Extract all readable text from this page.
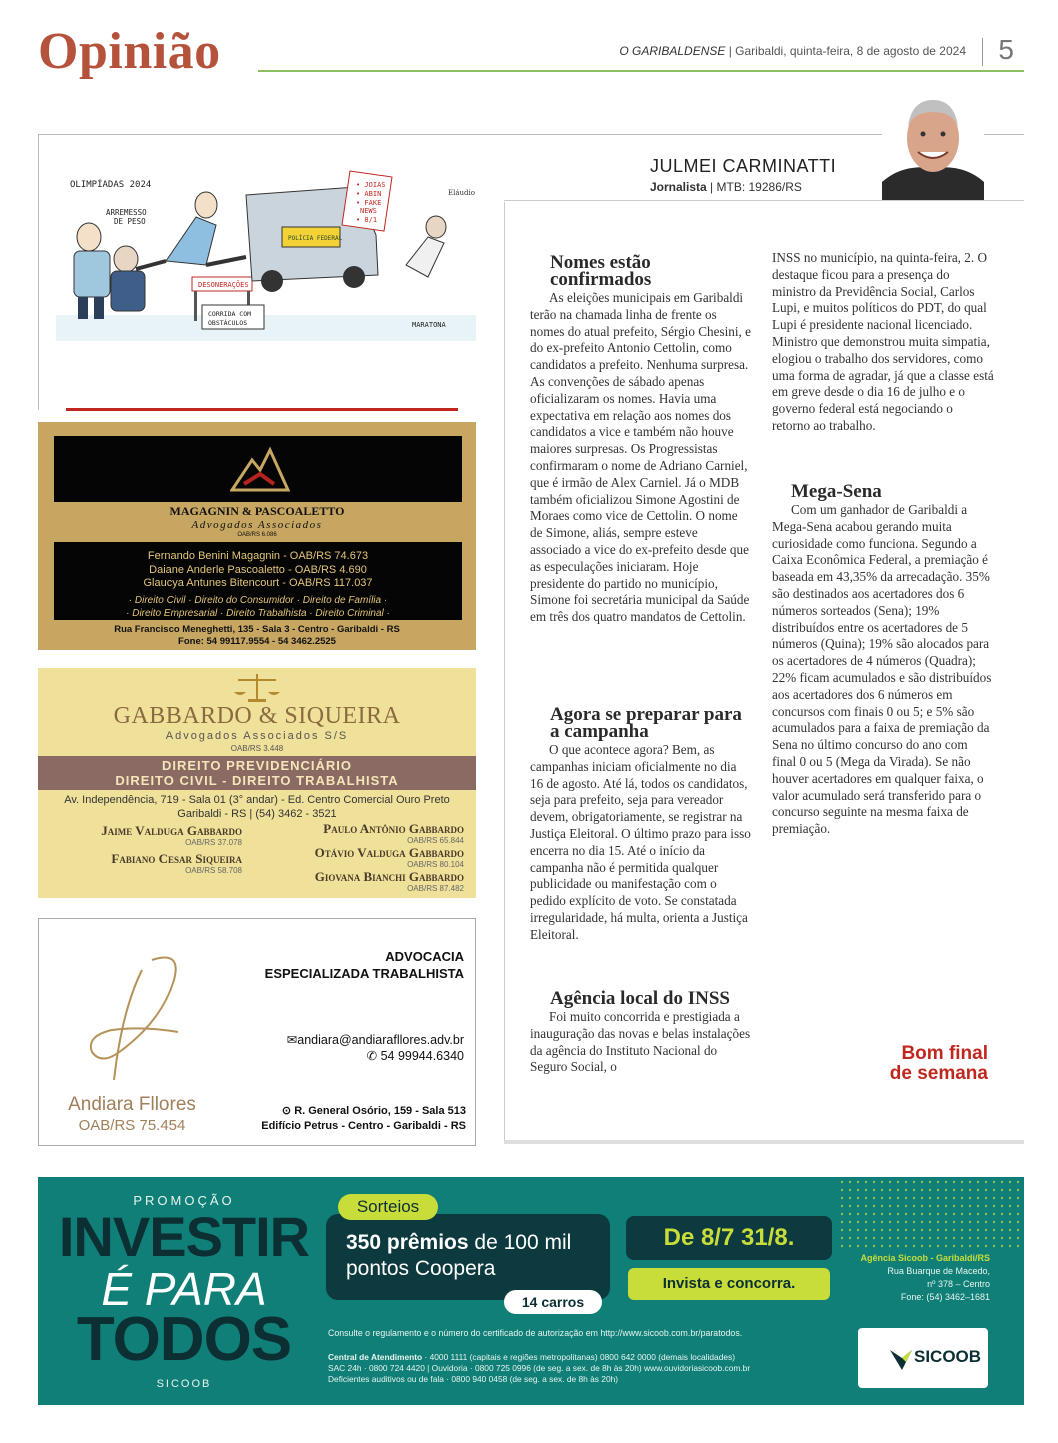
Opinião	O GARIBALDENSE | Garibaldi, quinta-feira, 8 de agosto de 2024 5
OLIMPÍADAS 2024
ARREMESSO
DE PESO
DESONERAÇÕES
CORRIDA COM
OBSTÁCULOS
POLÍCIA FEDERAL
• JOIAS
• ABIN
• FAKE
NEWS
• 8/1
Eláudio
MARATONA
MAGAGNIN & PASCOALETTO
Advogados Associados
OAB/RS 6.086
Fernando Benini Magagnin - OAB/RS 74.673
Daiane Anderle Pascoaletto - OAB/RS 4.690
Glaucya Antunes Bitencourt - OAB/RS 117.037
· Direito Civil · Direito do Consumidor · Direito de Família ·
· Direito Empresarial · Direito Trabalhista · Direito Criminal ·
Rua Francisco Meneghetti, 135 - Sala 3 - Centro - Garibaldi - RS
Fone: 54 99117.9554 - 54 3462.2525
GABBARDO & SIQUEIRA
Advogados Associados S/S
OAB/RS 3.448
DIREITO PREVIDENCIÁRIO
DIREITO CIVIL - DIREITO TRABALHISTA
Av. Independência, 719 - Sala 01 (3° andar) - Ed. Centro Comercial Ouro Preto
Garibaldi - RS | (54) 3462 - 3521
Jaime Valduga Gabbardo
OAB/RS 37.078
Fabiano Cesar Siqueira
OAB/RS 58.708
Paulo Antônio Gabbardo
OAB/RS 65.844
Otávio Valduga Gabbardo
OAB/RS 80.104
Giovana Bianchi Gabbardo
OAB/RS 87.482
Andiara Fllores
OAB/RS 75.454
ADVOCACIA
ESPECIALIZADA TRABALHISTA
✉andiara@andiarafllores.adv.br
✆ 54 99944.6340
⊙ R. General Osório, 159 - Sala 513
Edifício Petrus - Centro - Garibaldi - RS
JULMEI CARMINATTI
Jornalista | MTB: 19286/RS
Nomes estão confirmados
As eleições municipais em Garibaldi terão na chamada linha de frente os nomes do atual prefeito, Sérgio Chesini, e do ex-prefeito Antonio Cettolin, como candidatos a prefeito. Nenhuma surpresa. As convenções de sábado apenas oficializaram os nomes. Havia uma expectativa em relação aos nomes dos candidatos a vice e também não houve maiores surpresas. Os Progressistas confirmaram o nome de Adriano Carniel, que é irmão de Alex Carniel. Já o MDB também oficializou Simone Agostini de Moraes como vice de Cettolin. O nome de Simone, aliás, sempre esteve associado a vice do ex-prefeito desde que as especulações iniciaram. Hoje presidente do partido no município, Simone foi secretária municipal da Saúde em três dos quatro mandatos de Cettolin.
Agora se preparar para a campanha
O que acontece agora? Bem, as campanhas iniciam oficialmente no dia 16 de agosto. Até lá, todos os candidatos, seja para prefeito, seja para vereador devem, obrigatoriamente, se registrar na Justiça Eleitoral. O último prazo para isso encerra no dia 15. Até o início da campanha não é permitida qualquer publicidade ou manifestação com o pedido explícito de voto. Se constatada irregularidade, há multa, orienta a Justiça Eleitoral.
Agência local do INSS
Foi muito concorrida e prestigiada a inauguração das novas e belas instalações da agência do Instituto Nacional do Seguro Social, o
INSS no município, na quinta-feira, 2. O destaque ficou para a presença do ministro da Previdência Social, Carlos Lupi, e muitos políticos do PDT, do qual Lupi é presidente nacional licenciado. Ministro que demonstrou muita simpatia, elogiou o trabalho dos servidores, como uma forma de agradar, já que a classe está em greve desde o dia 16 de julho e o governo federal está negociando o retorno ao trabalho.
Mega-Sena
Com um ganhador de Garibaldi a Mega-Sena acabou gerando muita curiosidade como funciona. Segundo a Caixa Econômica Federal, a premiação é baseada em 43,35% da arrecadação. 35% são destinados aos acertadores dos 6 números sorteados (Sena); 19% distribuídos entre os acertadores de 5 números (Quina); 19% são alocados para os acertadores de 4 números (Quadra); 22% ficam acumulados e são distribuídos aos acertadores dos 6 números em concursos com finais 0 ou 5; e 5% são acumulados para a faixa de premiação da Sena no último concurso do ano com final 0 ou 5 (Mega da Virada). Se não houver acertadores em qualquer faixa, o valor acumulado será transferido para o concurso seguinte na mesma faixa de premiação.
Bom final
de semana
PROMOÇÃO
INVESTIR
É PARA
TODOS
SICOOB
Sorteios
350 prêmios de 100 mil
pontos Coopera
14 carros
De 8/7 31/8.
Invista e concorra.
Agência Sicoob - Garibaldi/RS
Rua Buarque de Macedo,
nº 378 – Centro
Fone: (54) 3462–1681
Consulte o regulamento e o número do certificado de autorização em http://www.sicoob.com.br/paratodos.
Central de Atendimento · 4000 1111 (capitais e regiões metropolitanas) 0800 642 0000 (demais localidades)
SAC 24h · 0800 724 4420 | Ouvidoria · 0800 725 0996 (de seg. a sex. de 8h às 20h) www.ouvidoriasicoob.com.br
Deficientes auditivos ou de fala · 0800 940 0458 (de seg. a sex. de 8h às 20h)
SICOOB
